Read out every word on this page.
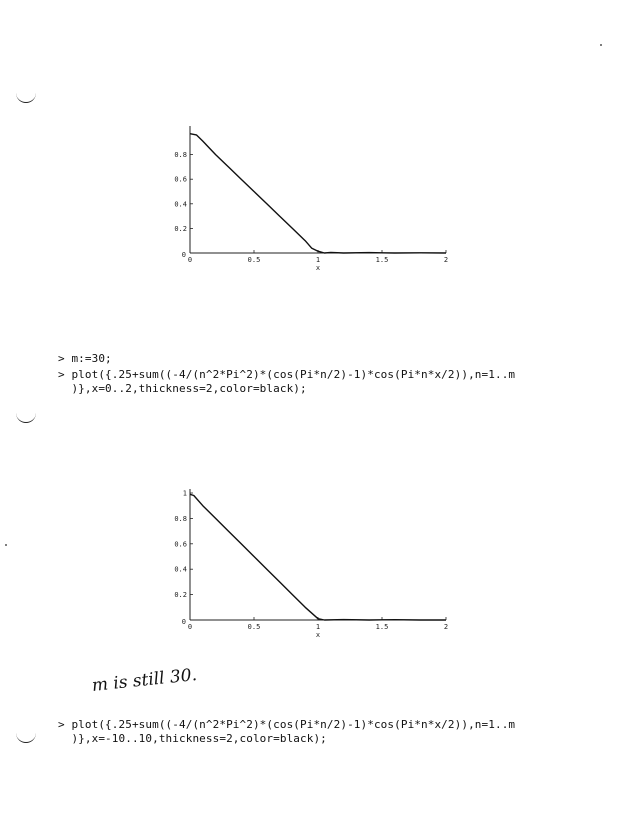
0	0.5	1	1.5	2
0.2
0.4
0.6
0.8
0
x
0	0.5	1	1.5	2
0.2
0.4
0.6
0.8
1
0
x
> m:=30;
> plot({.25+sum((-4/(n^2*Pi^2)*(cos(Pi*n/2)-1)*cos(Pi*n*x/2)),n=1..m
)},x=0..2,thickness=2,color=black);
m is still 30.
> plot({.25+sum((-4/(n^2*Pi^2)*(cos(Pi*n/2)-1)*cos(Pi*n*x/2)),n=1..m
)},x=-10..10,thickness=2,color=black);
